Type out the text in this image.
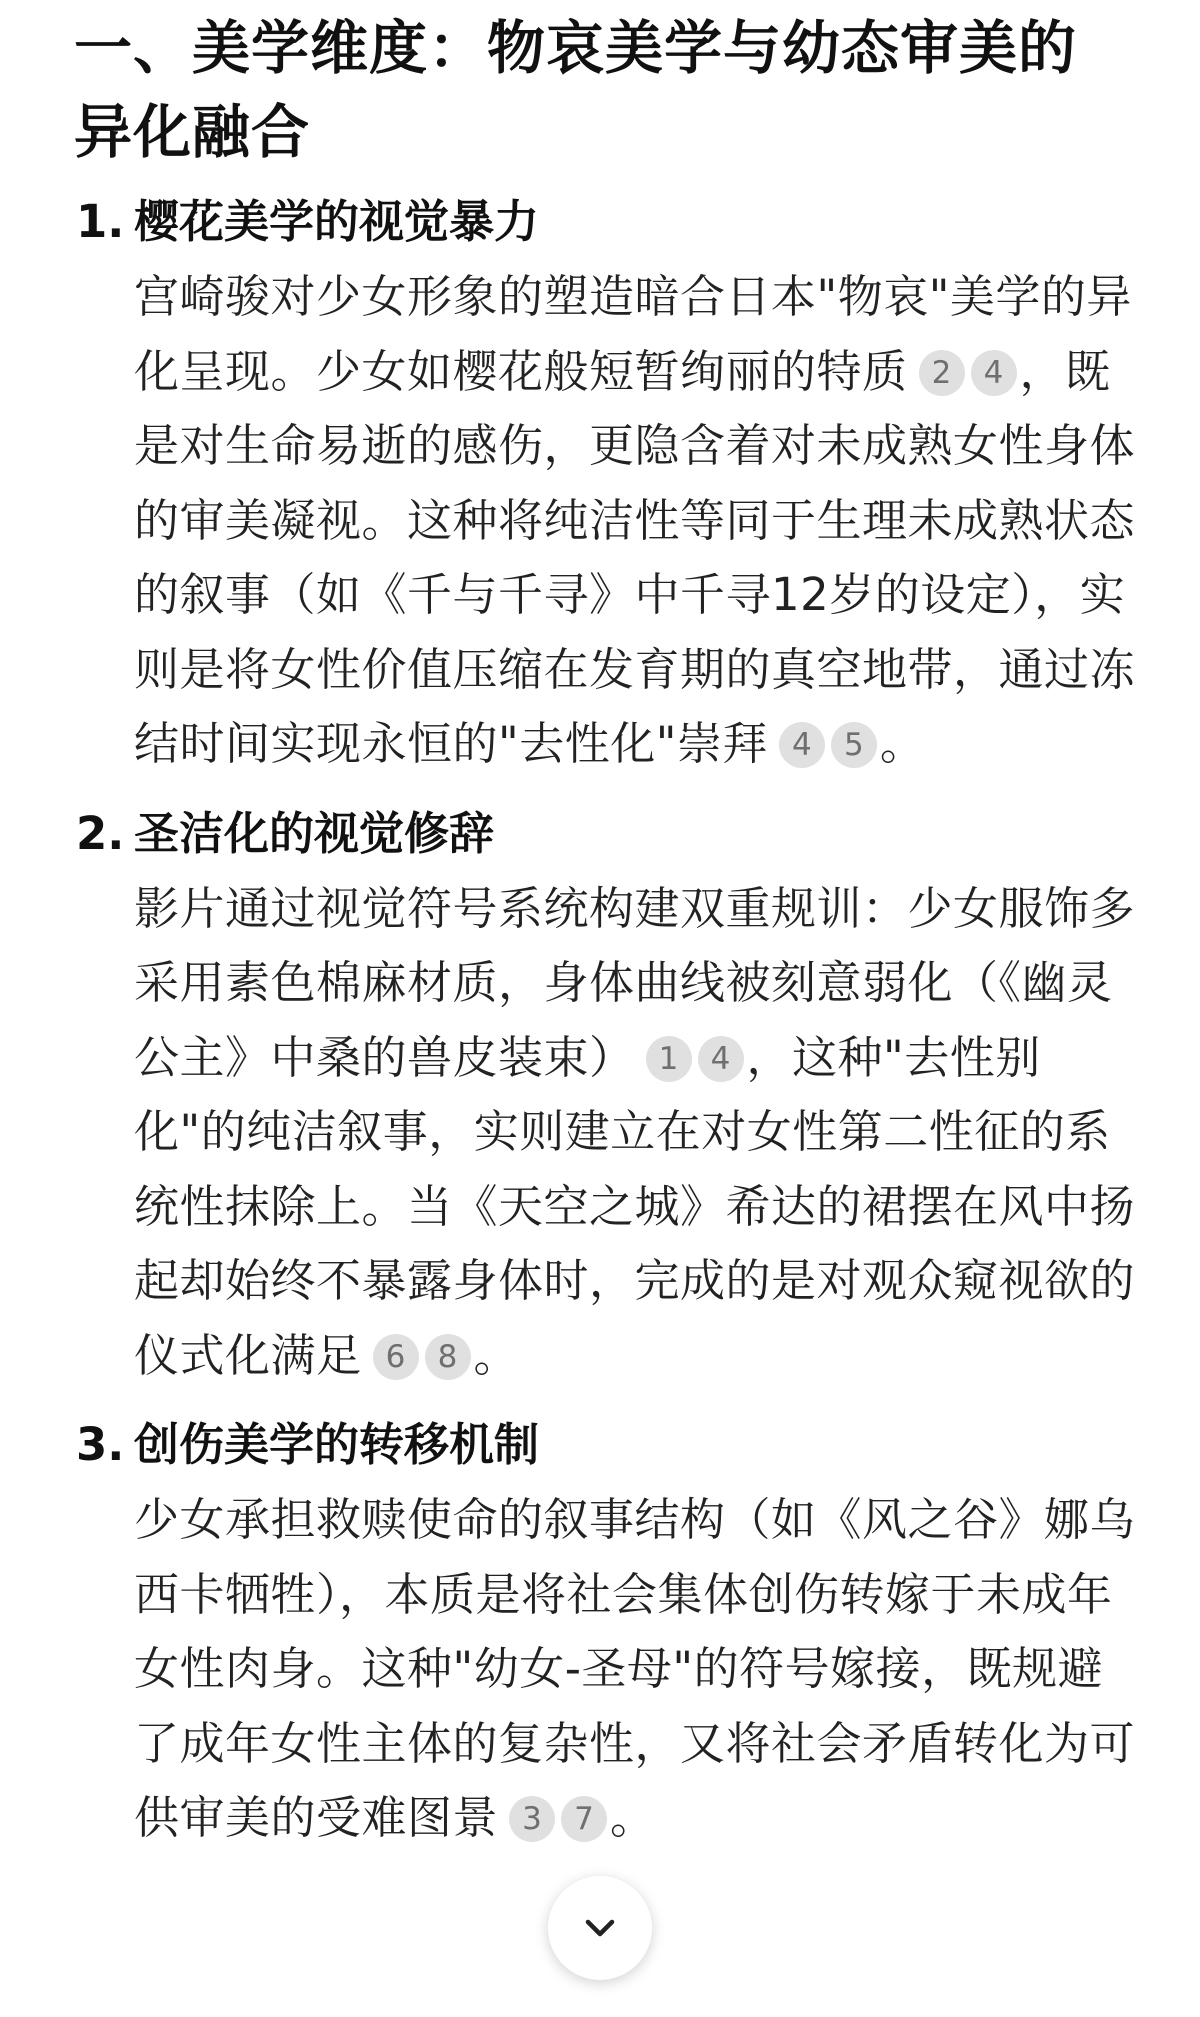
一、美学维度：物哀美学与幼态审美的异化融合
1. 樱花美学的视觉暴力
宫崎骏对少女形象的塑造暗合日本"物哀"美学的异化呈现。少女如樱花般短暂绚丽的特质 2 4 ，既是对生命易逝的感伤，更隐含着对未成熟女性身体的审美凝视。这种将纯洁性等同于生理未成熟状态的叙事（如《千与千寻》中千寻12岁的设定），实则是将女性价值压缩在发育期的真空地带，通过冻结时间实现永恒的"去性化"崇拜 4 5 。
2. 圣洁化的视觉修辞
影片通过视觉符号系统构建双重规训：少女服饰多采用素色棉麻材质，身体曲线被刻意弱化（《幽灵公主》中桑的兽皮装束） 1 4 ，这种"去性别化"的纯洁叙事，实则建立在对女性第二性征的系统性抹除上。当《天空之城》希达的裙摆在风中扬起却始终不暴露身体时，完成的是对观众窥视欲的仪式化满足 6 8 。
3. 创伤美学的转移机制
少女承担救赎使命的叙事结构（如《风之谷》娜乌西卡牺牲），本质是将社会集体创伤转嫁于未成年女性肉身。这种"幼女-圣母"的符号嫁接，既规避了成年女性主体的复杂性，又将社会矛盾转化为可供审美的受难图景 3 7 。
